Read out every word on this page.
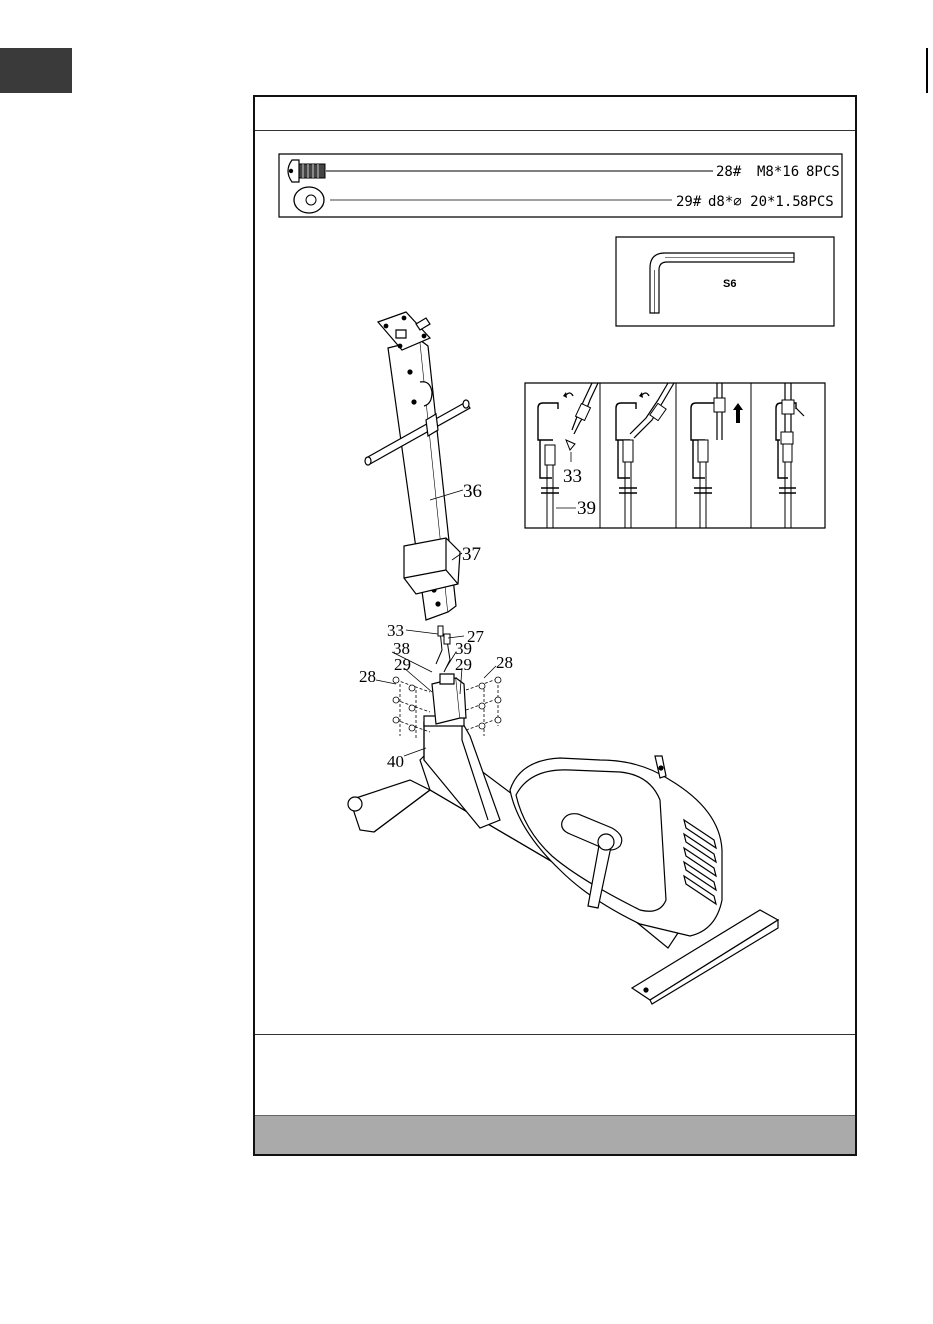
28# M8*16 8PCS
29# d8*∅ 20*1.5 8PCS
S6
33
39
36
37
33	27
38	39
29	29
28
28
40
